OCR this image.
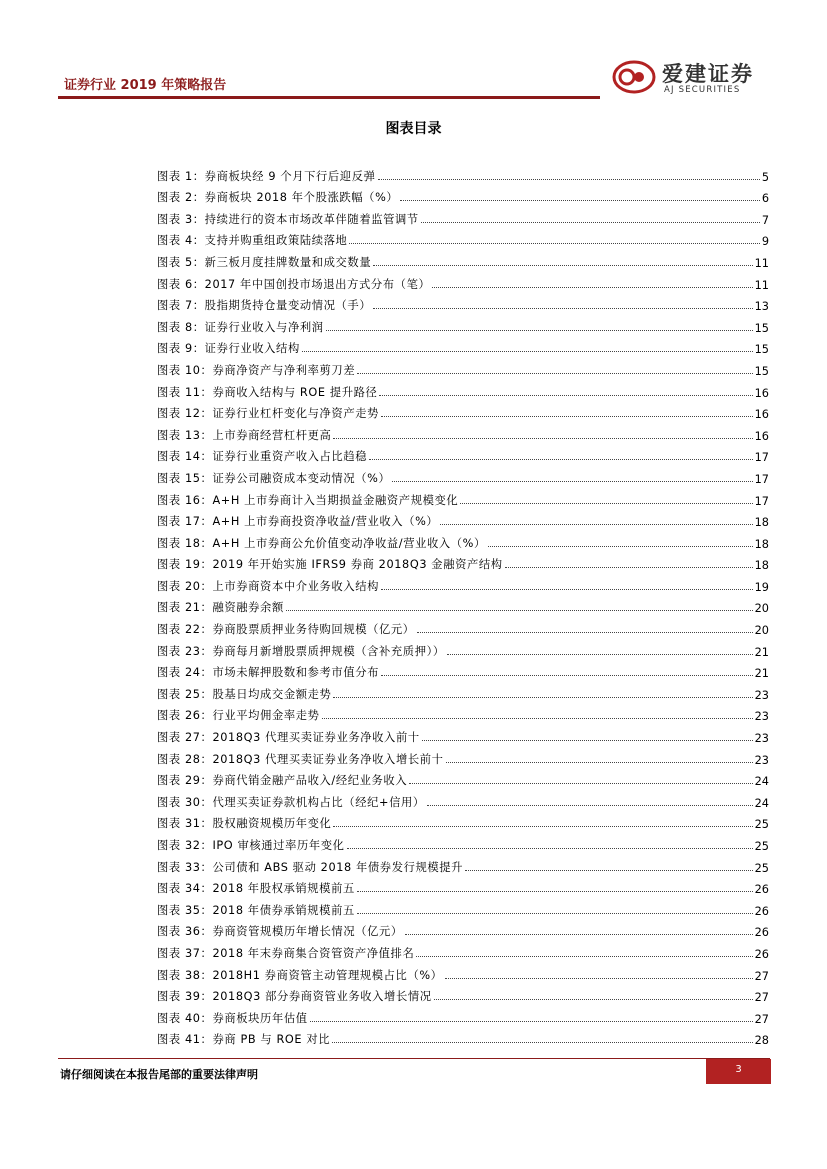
证券行业 2019 年策略报告	爱建证券
AJ SECURITIES
图表目录
图表 1：券商板块经 9 个月下行后迎反弹	5
图表 2：券商板块 2018 年个股涨跌幅（%）	6
图表 3：持续进行的资本市场改革伴随着监管调节	7
图表 4：支持并购重组政策陆续落地	9
图表 5：新三板月度挂牌数量和成交数量	11
图表 6：2017 年中国创投市场退出方式分布（笔）	11
图表 7：股指期货持仓量变动情况（手）	13
图表 8：证券行业收入与净利润	15
图表 9：证券行业收入结构	15
图表 10：券商净资产与净利率剪刀差	15
图表 11：券商收入结构与 ROE 提升路径	16
图表 12：证券行业杠杆变化与净资产走势	16
图表 13：上市券商经营杠杆更高	16
图表 14：证券行业重资产收入占比趋稳	17
图表 15：证券公司融资成本变动情况（%）	17
图表 16：A+H 上市券商计入当期损益金融资产规模变化	17
图表 17：A+H 上市券商投资净收益/营业收入（%）	18
图表 18：A+H 上市券商公允价值变动净收益/营业收入（%）	18
图表 19：2019 年开始实施 IFRS9 券商 2018Q3 金融资产结构	18
图表 20：上市券商资本中介业务收入结构	19
图表 21：融资融券余额	20
图表 22：券商股票质押业务待购回规模（亿元）	20
图表 23：券商每月新增股票质押规模（含补充质押））	21
图表 24：市场未解押股数和参考市值分布	21
图表 25：股基日均成交金额走势	23
图表 26：行业平均佣金率走势	23
图表 27：2018Q3 代理买卖证券业务净收入前十	23
图表 28：2018Q3 代理买卖证券业务净收入增长前十	23
图表 29：券商代销金融产品收入/经纪业务收入	24
图表 30：代理买卖证券款机构占比（经纪+信用）	24
图表 31：股权融资规模历年变化	25
图表 32：IPO 审核通过率历年变化	25
图表 33：公司债和 ABS 驱动 2018 年债券发行规模提升	25
图表 34：2018 年股权承销规模前五	26
图表 35：2018 年债券承销规模前五	26
图表 36：券商资管规模历年增长情况（亿元）	26
图表 37：2018 年末券商集合资管资产净值排名	26
图表 38：2018H1 券商资管主动管理规模占比（%）	27
图表 39：2018Q3 部分券商资管业务收入增长情况	27
图表 40：券商板块历年估值	27
图表 41：券商 PB 与 ROE 对比	28
请仔细阅读在本报告尾部的重要法律声明	3
